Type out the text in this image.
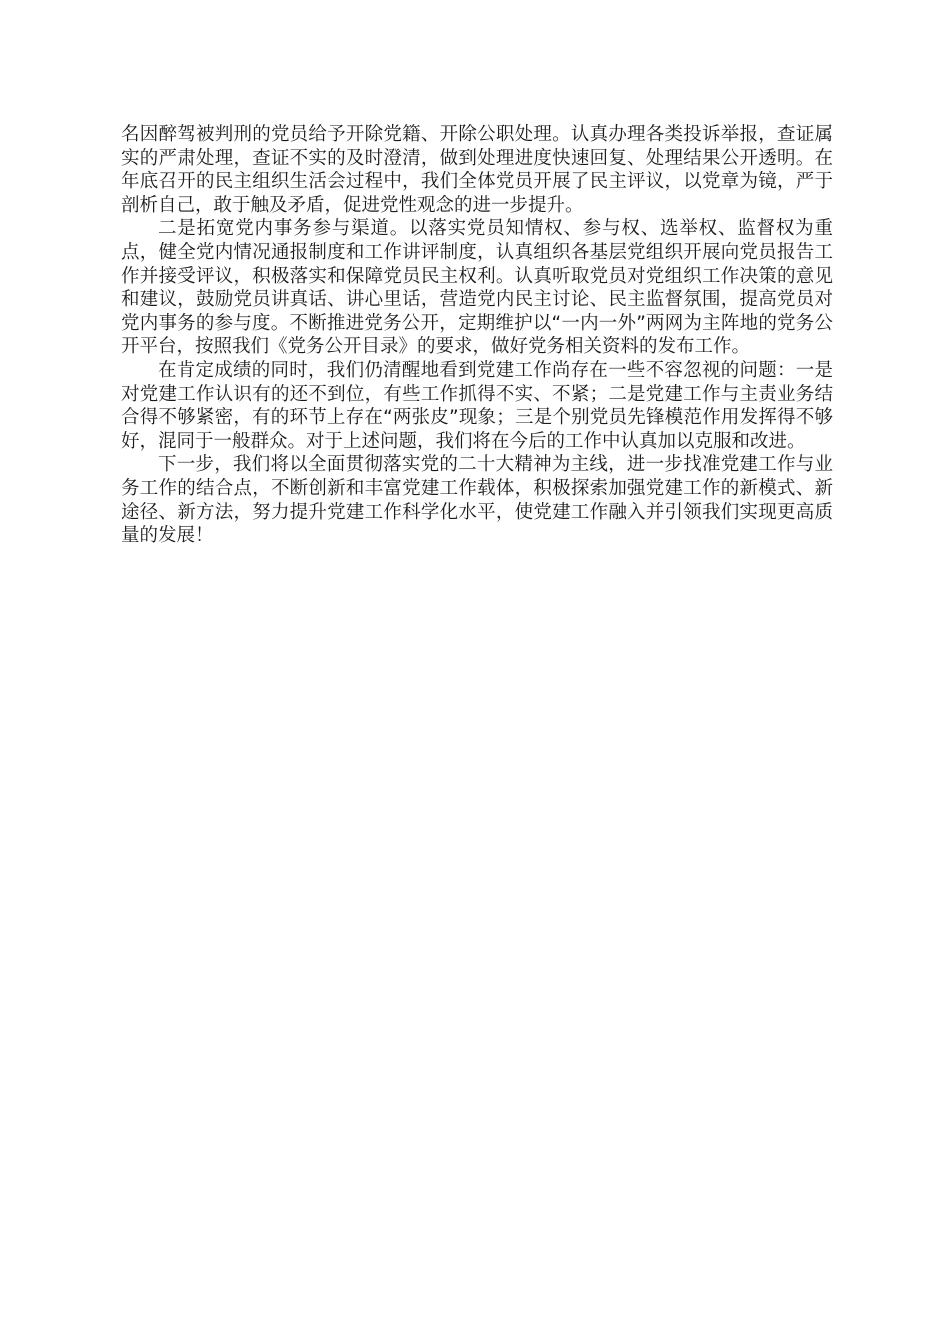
名因醉驾被判刑的党员给予开除党籍、开除公职处理。认真办理各类投诉举报，查证属实的严肃处理，查证不实的及时澄清，做到处理进度快速回复、处理结果公开透明。在年底召开的民主组织生活会过程中，我们全体党员开展了民主评议，以党章为镜，严于剖析自己，敢于触及矛盾，促进党性观念的进一步提升。

二是拓宽党内事务参与渠道。以落实党员知情权、参与权、选举权、监督权为重点，健全党内情况通报制度和工作讲评制度，认真组织各基层党组织开展向党员报告工作并接受评议，积极落实和保障党员民主权利。认真听取党员对党组织工作决策的意见和建议，鼓励党员讲真话、讲心里话，营造党内民主讨论、民主监督氛围，提高党员对党内事务的参与度。不断推进党务公开，定期维护以“一内一外”两网为主阵地的党务公开平台，按照我们《党务公开目录》的要求，做好党务相关资料的发布工作。

在肯定成绩的同时，我们仍清醒地看到党建工作尚存在一些不容忽视的问题：一是对党建工作认识有的还不到位，有些工作抓得不实、不紧；二是党建工作与主责业务结合得不够紧密，有的环节上存在“两张皮”现象；三是个别党员先锋模范作用发挥得不够好，混同于一般群众。对于上述问题，我们将在今后的工作中认真加以克服和改进。

下一步，我们将以全面贯彻落实党的二十大精神为主线，进一步找准党建工作与业务工作的结合点，不断创新和丰富党建工作载体，积极探索加强党建工作的新模式、新途径、新方法，努力提升党建工作科学化水平，使党建工作融入并引领我们实现更高质量的发展！
